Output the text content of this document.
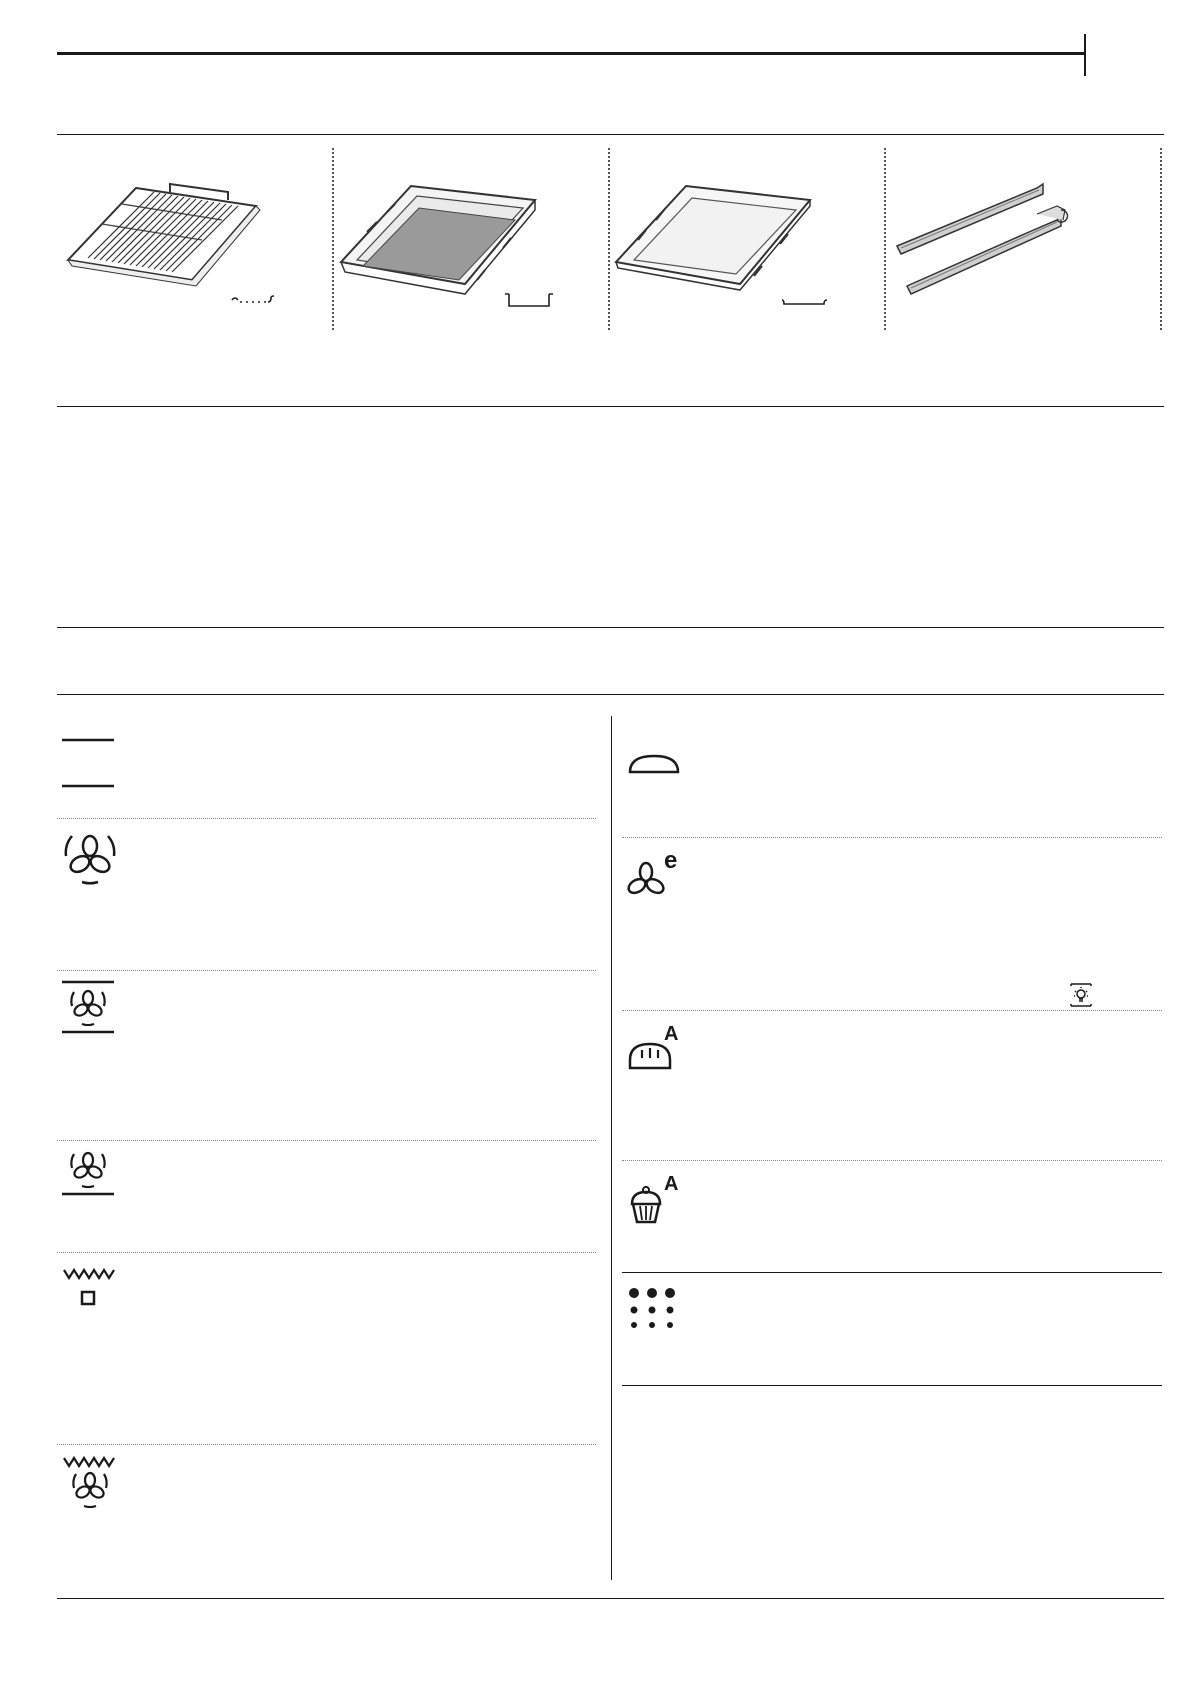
e
A
A
